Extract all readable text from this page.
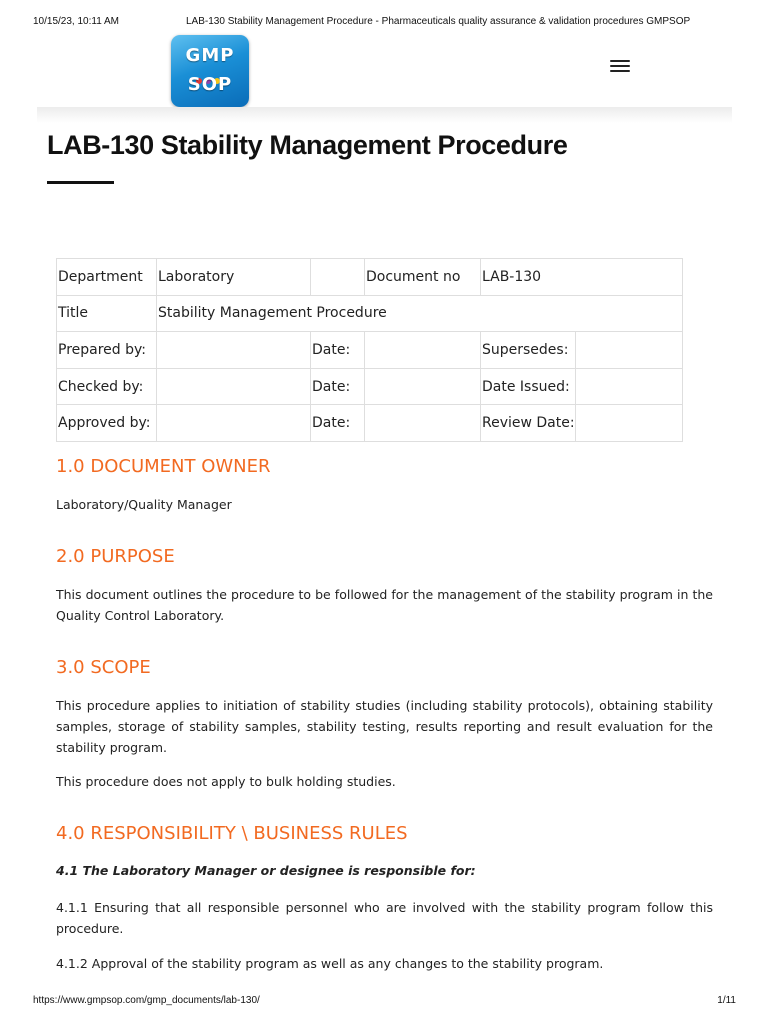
10/15/23, 10:11 AM	LAB-130 Stability Management Procedure - Pharmaceuticals quality assurance & validation procedures GMPSOP
GMP
SOP
LAB-130 Stability Management Procedure
Department	Laboratory		Document no	LAB-130	
Title	Stability Management Procedure				
Prepared by:		Date:		Supersedes:	
Checked by:		Date:		Date Issued:	
Approved by:		Date:		Review Date:	
1.0 DOCUMENT OWNER

Laboratory/Quality Manager

2.0 PURPOSE

This document outlines the procedure to be followed for the management of the stability program in the Quality Control Laboratory.

3.0 SCOPE

This procedure applies to initiation of stability studies (including stability protocols), obtaining stability samples, storage of stability samples, stability testing, results reporting and result evaluation for the stability program.

This procedure does not apply to bulk holding studies.

4.0 RESPONSIBILITY \ BUSINESS RULES

4.1 The Laboratory Manager or designee is responsible for:

4.1.1 Ensuring that all responsible personnel who are involved with the stability program follow this procedure.

4.1.2 Approval of the stability program as well as any changes to the stability program.

https://www.gmpsop.com/gmp_documents/lab-130/	1/11
